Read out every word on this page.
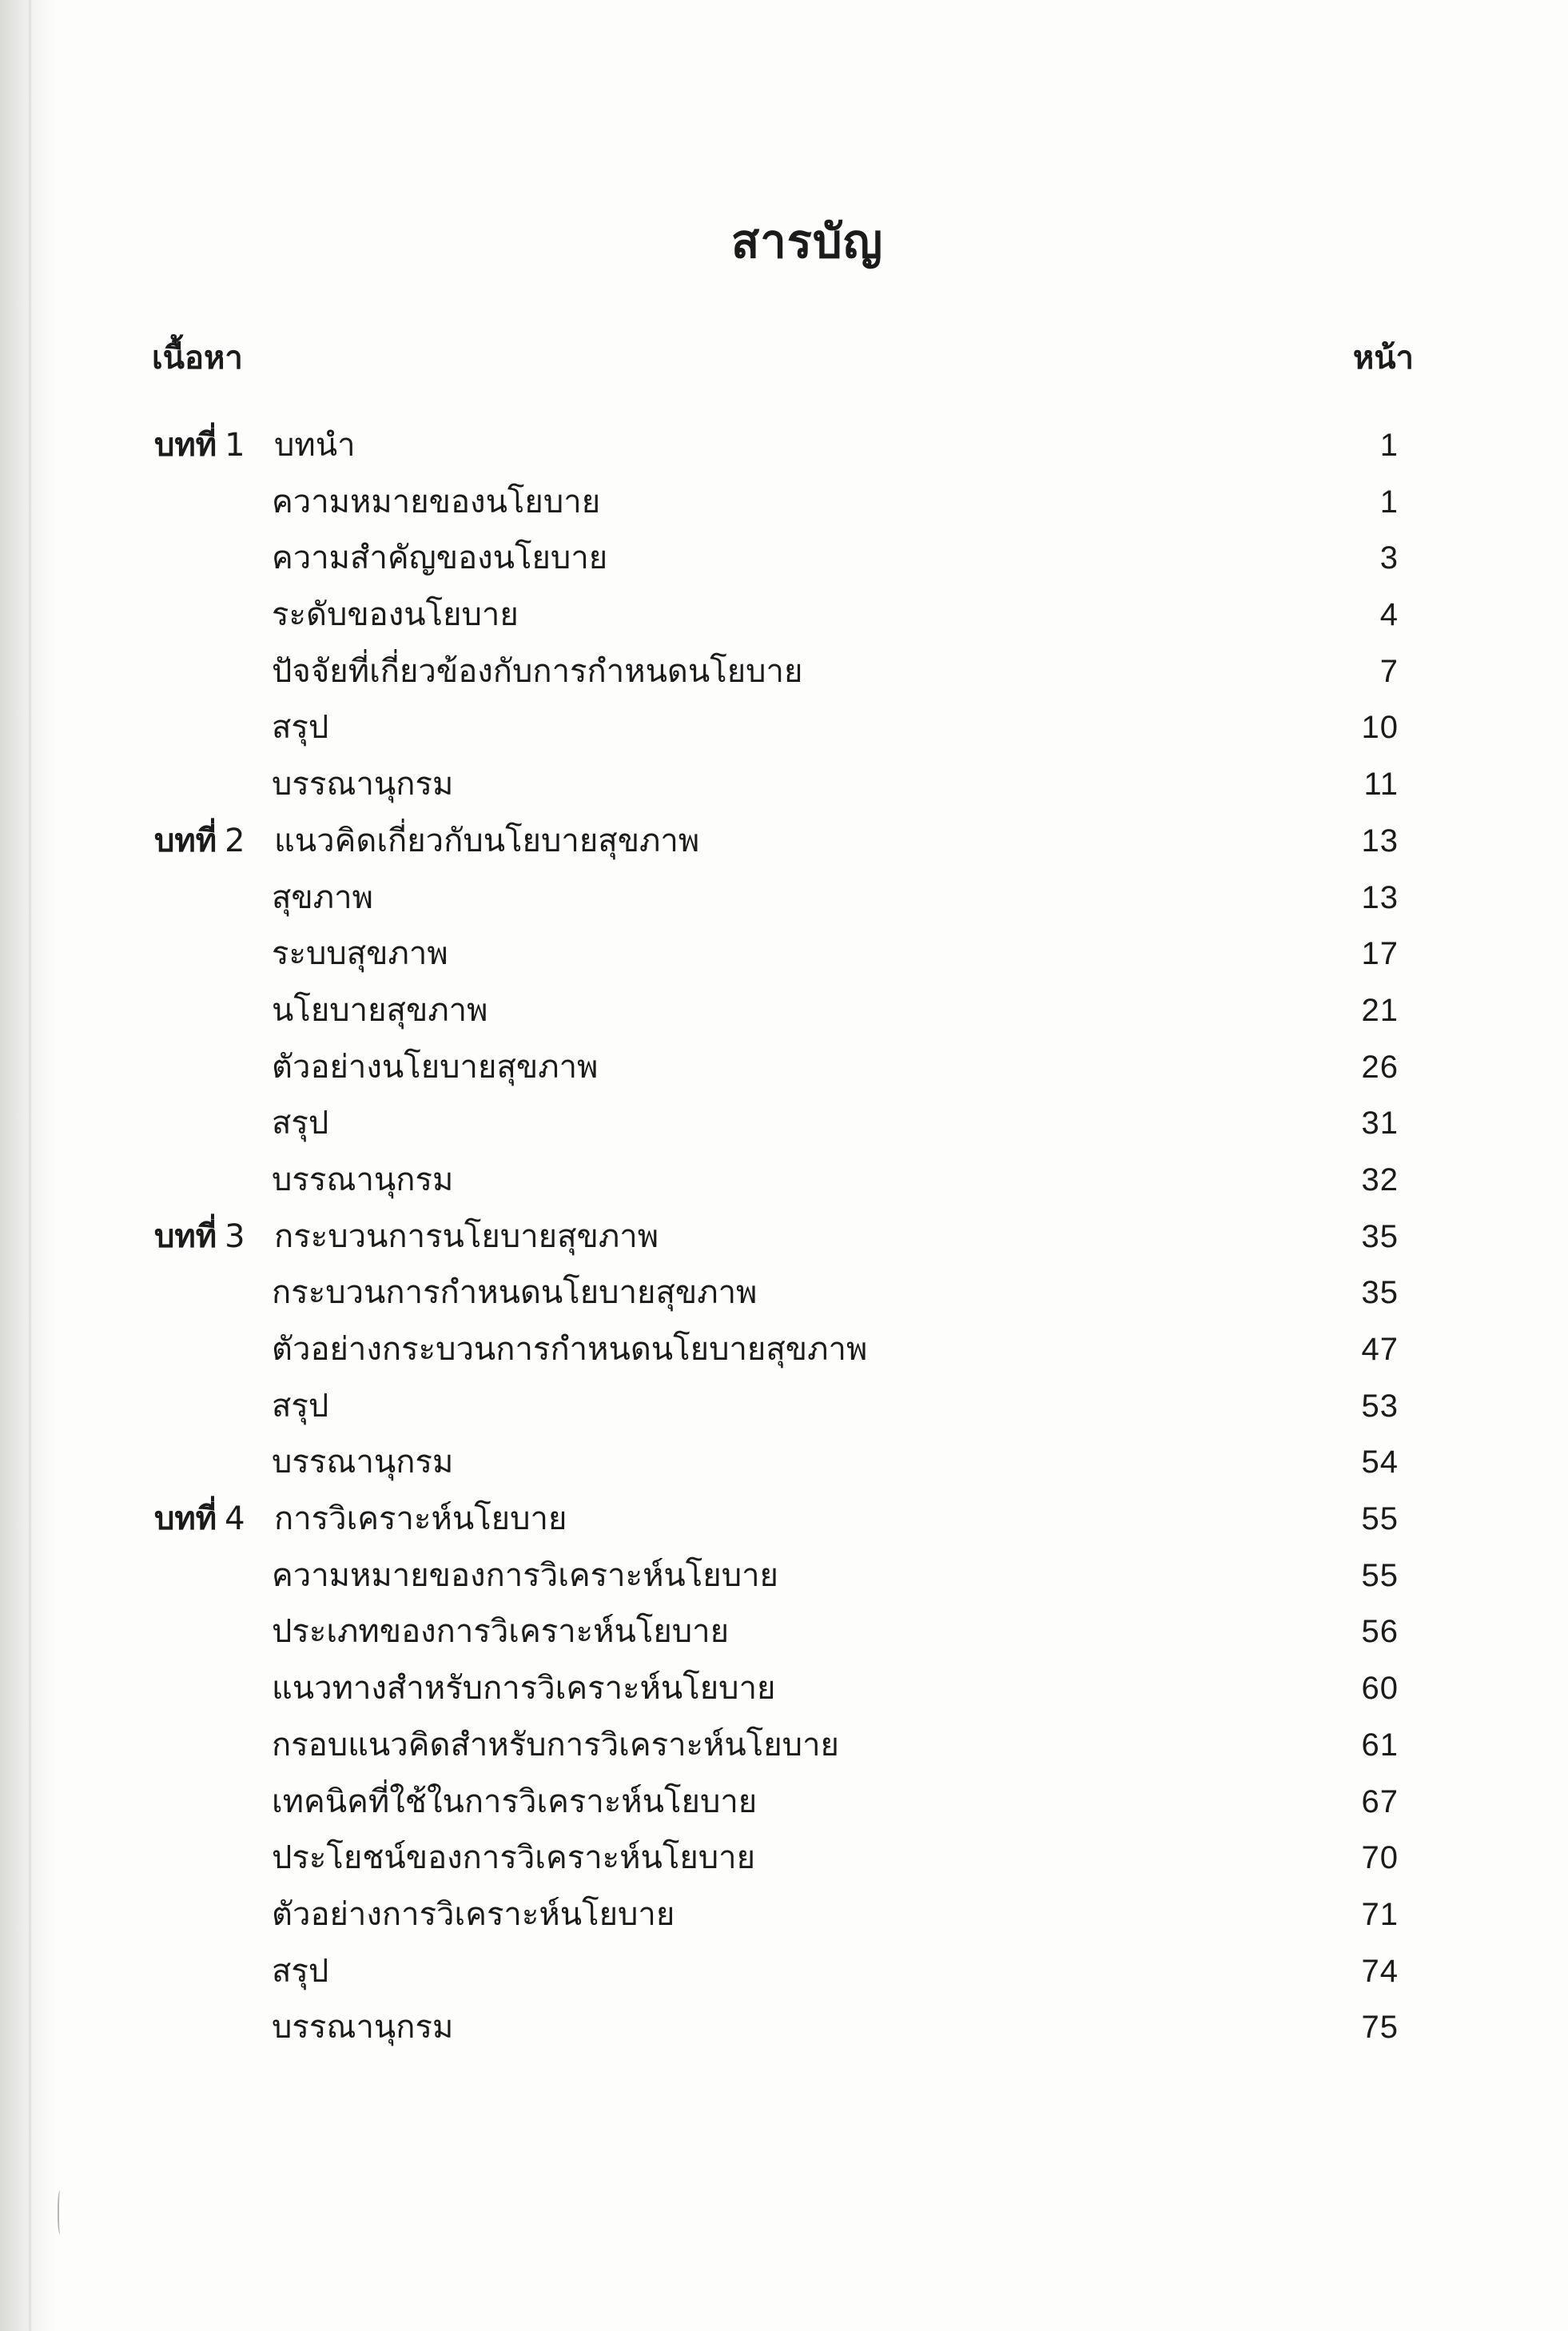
สารบัญ
เนื้อหา	หน้า
บทที่ 1 บทนำ	1
ความหมายของนโยบาย	1
ความสำคัญของนโยบาย	3
ระดับของนโยบาย	4
ปัจจัยที่เกี่ยวข้องกับการกำหนดนโยบาย	7
สรุป	10
บรรณานุกรม	11
บทที่ 2 แนวคิดเกี่ยวกับนโยบายสุขภาพ	13
สุขภาพ	13
ระบบสุขภาพ	17
นโยบายสุขภาพ	21
ตัวอย่างนโยบายสุขภาพ	26
สรุป	31
บรรณานุกรม	32
บทที่ 3 กระบวนการนโยบายสุขภาพ	35
กระบวนการกำหนดนโยบายสุขภาพ	35
ตัวอย่างกระบวนการกำหนดนโยบายสุขภาพ	47
สรุป	53
บรรณานุกรม	54
บทที่ 4 การวิเคราะห์นโยบาย	55
ความหมายของการวิเคราะห์นโยบาย	55
ประเภทของการวิเคราะห์นโยบาย	56
แนวทางสำหรับการวิเคราะห์นโยบาย	60
กรอบแนวคิดสำหรับการวิเคราะห์นโยบาย	61
เทคนิคที่ใช้ในการวิเคราะห์นโยบาย	67
ประโยชน์ของการวิเคราะห์นโยบาย	70
ตัวอย่างการวิเคราะห์นโยบาย	71
สรุป	74
บรรณานุกรม	75
